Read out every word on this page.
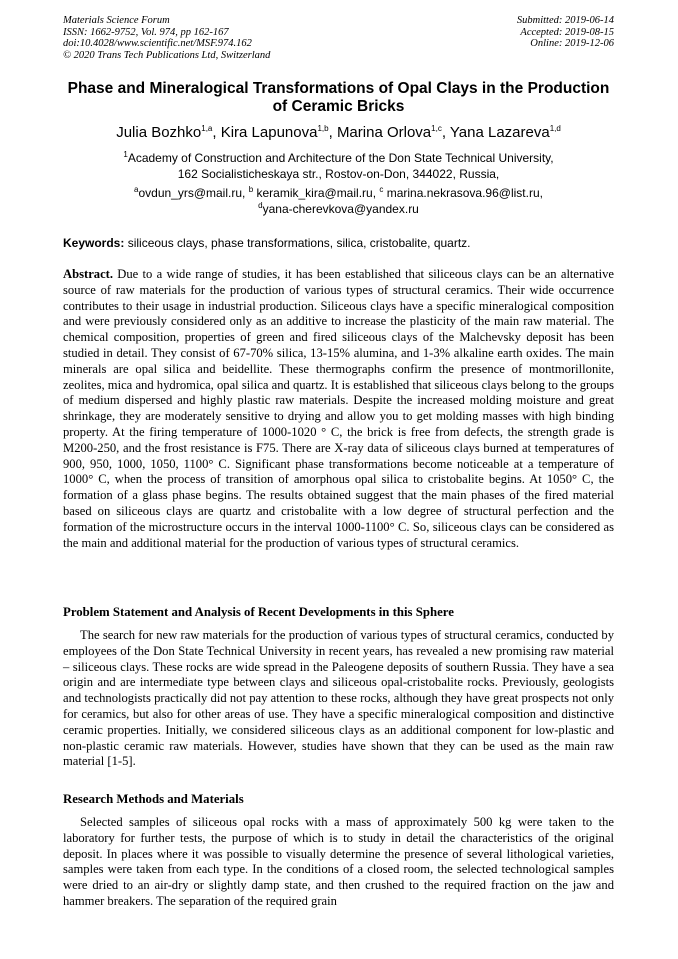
Materials Science Forum
ISSN: 1662-9752, Vol. 974, pp 162-167
doi:10.4028/www.scientific.net/MSF.974.162
© 2020 Trans Tech Publications Ltd, Switzerland
Submitted: 2019-06-14
Accepted: 2019-08-15
Online: 2019-12-06
Phase and Mineralogical Transformations of Opal Clays in the Production of Ceramic Bricks
Julia Bozhko$^{1,a}$, Kira Lapunova$^{1,b}$, Marina Orlova$^{1,c}$, Yana Lazareva$^{1,d}$
$^1$Academy of Construction and Architecture of the Don State Technical University,
162 Socialisticheskaya str., Rostov-on-Don, 344022, Russia,
$^a$ovdun_yrs@mail.ru, $^b$ keramik_kira@mail.ru, $^c$ marina.nekrasova.96@list.ru,
$^d$yana-cherevkova@yandex.ru
Keywords: siliceous clays, phase transformations, silica, cristobalite, quartz.
Abstract. Due to a wide range of studies, it has been established that siliceous clays can be an alternative source of raw materials for the production of various types of structural ceramics. Their wide occurrence contributes to their usage in industrial production. Siliceous clays have a specific mineralogical composition and were previously considered only as an additive to increase the plasticity of the main raw material. The chemical composition, properties of green and fired siliceous clays of the Malchevsky deposit has been studied in detail. They consist of 67-70% silica, 13-15% alumina, and 1-3% alkaline earth oxides. The main minerals are opal silica and beidellite. These thermographs confirm the presence of montmorillonite, zeolites, mica and hydromica, opal silica and quartz. It is established that siliceous clays belong to the groups of medium dispersed and highly plastic raw materials. Despite the increased molding moisture and great shrinkage, they are moderately sensitive to drying and allow you to get molding masses with high binding property. At the firing temperature of 1000-1020 ° C, the brick is free from defects, the strength grade is M200-250, and the frost resistance is F75. There are X-ray data of siliceous clays burned at temperatures of 900, 950, 1000, 1050, 1100° C. Significant phase transformations become noticeable at a temperature of 1000° C, when the process of transition of amorphous opal silica to cristobalite begins. At 1050° C, the formation of a glass phase begins. The results obtained suggest that the main phases of the fired material based on siliceous clays are quartz and cristobalite with a low degree of structural perfection and the formation of the microstructure occurs in the interval 1000-1100° C. So, siliceous clays can be considered as the main and additional material for the production of various types of structural ceramics.
Problem Statement and Analysis of Recent Developments in this Sphere
The search for new raw materials for the production of various types of structural ceramics, conducted by employees of the Don State Technical University in recent years, has revealed a new promising raw material – siliceous clays. These rocks are wide spread in the Paleogene deposits of southern Russia. They have a sea origin and are intermediate type between clays and siliceous opal-cristobalite rocks. Previously, geologists and technologists practically did not pay attention to these rocks, although they have great prospects not only for ceramics, but also for other areas of use. They have a specific mineralogical composition and distinctive ceramic properties. Initially, we considered siliceous clays as an additional component for low-plastic and non-plastic ceramic raw materials. However, studies have shown that they can be used as the main raw material [1-5].
Research Methods and Materials
Selected samples of siliceous opal rocks with a mass of approximately 500 kg were taken to the laboratory for further tests, the purpose of which is to study in detail the characteristics of the original deposit. In places where it was possible to visually determine the presence of several lithological varieties, samples were taken from each type. In the conditions of a closed room, the selected technological samples were dried to an air-dry or slightly damp state, and then crushed to the required fraction on the jaw and hammer breakers. The separation of the required grain
